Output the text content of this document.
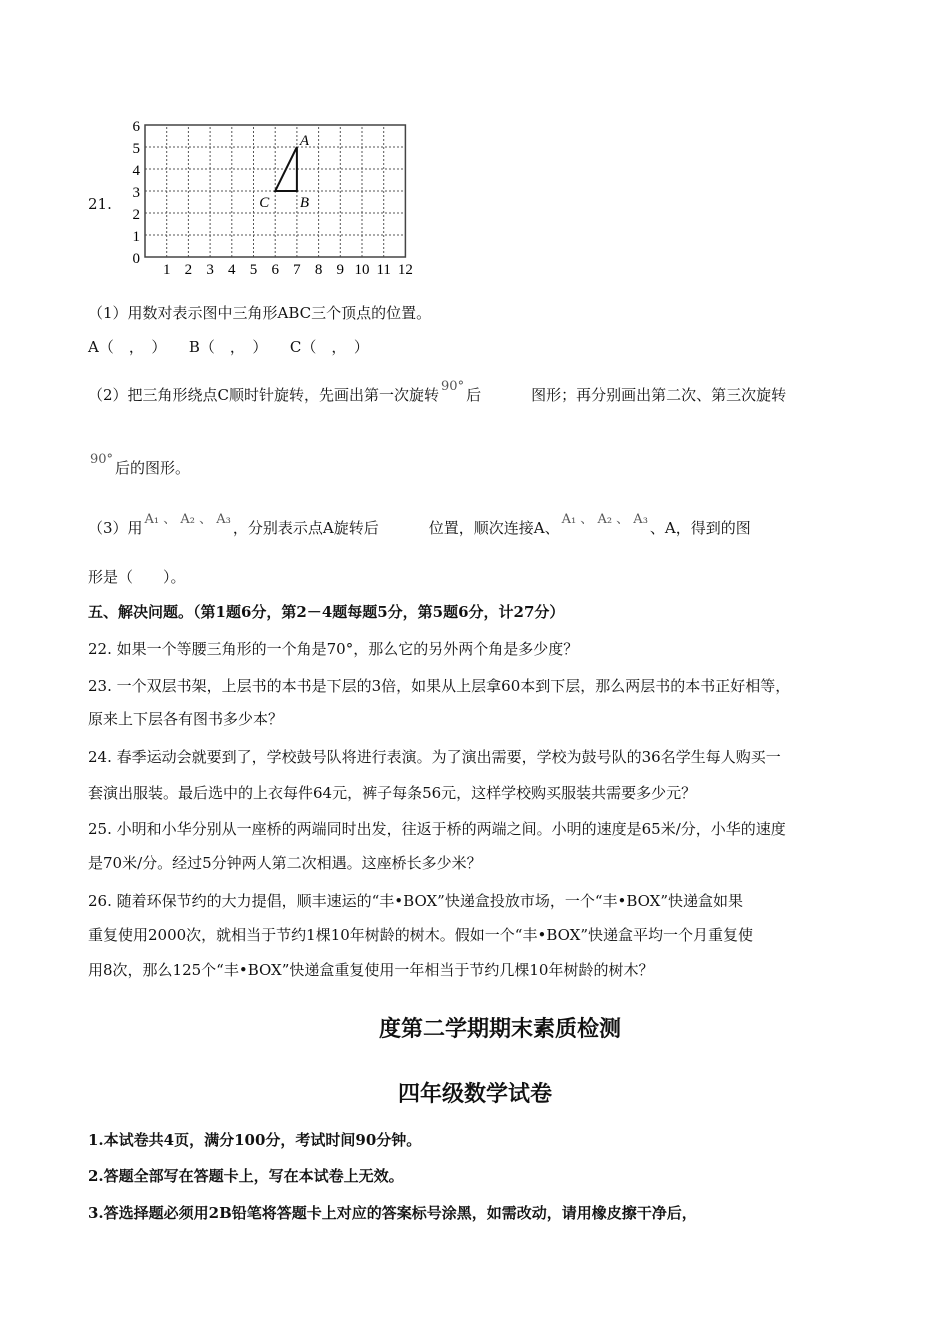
21.
1 2 3 4 5 6 7 8 9 10 11 12
0
1
2
3
4
5
6
A
B
C
（1）用数对表示图中三角形ABC三个顶点的位置。
A（　，　）　　B（　，　）　　C（　，　）
（2）把三角形绕点C顺时针旋转，先画出第一次旋转 90° 后	图形；再分别画出第二次、第三次旋转
90° 后的图形。
（3）用 A₁ 、 A₂ 、 A₃ ，分别表示点A旋转后	位置，顺次连接A、 A₁ 、 A₂ 、 A₃ 、A，得到的图
形是（　　）。
五、解决问题。（第1题6分，第2－4题每题5分，第5题6分，计27分）
22. 如果一个等腰三角形的一个角是70°，那么它的另外两个角是多少度？
23. 一个双层书架，上层书的本书是下层的3倍，如果从上层拿60本到下层，那么两层书的本书正好相等，
原来上下层各有图书多少本？
24. 春季运动会就要到了，学校鼓号队将进行表演。为了演出需要，学校为鼓号队的36名学生每人购买一
套演出服装。最后选中的上衣每件64元，裤子每条56元，这样学校购买服装共需要多少元？
25. 小明和小华分别从一座桥的两端同时出发，往返于桥的两端之间。小明的速度是65米/分，小华的速度
是70米/分。经过5分钟两人第二次相遇。这座桥长多少米？
26. 随着环保节约的大力提倡，顺丰速运的“丰•BOX”快递盒投放市场，一个“丰•BOX”快递盒如果
重复使用2000次，就相当于节约1棵10年树龄的树木。假如一个“丰•BOX”快递盒平均一个月重复使
用8次，那么125个“丰•BOX”快递盒重复使用一年相当于节约几棵10年树龄的树木？
度第二学期期末素质检测
四年级数学试卷
1.本试卷共4页，满分100分，考试时间90分钟。
2.答题全部写在答题卡上，写在本试卷上无效。
3.答选择题必须用2B铅笔将答题卡上对应的答案标号涂黑，如需改动，请用橡皮擦干净后，
